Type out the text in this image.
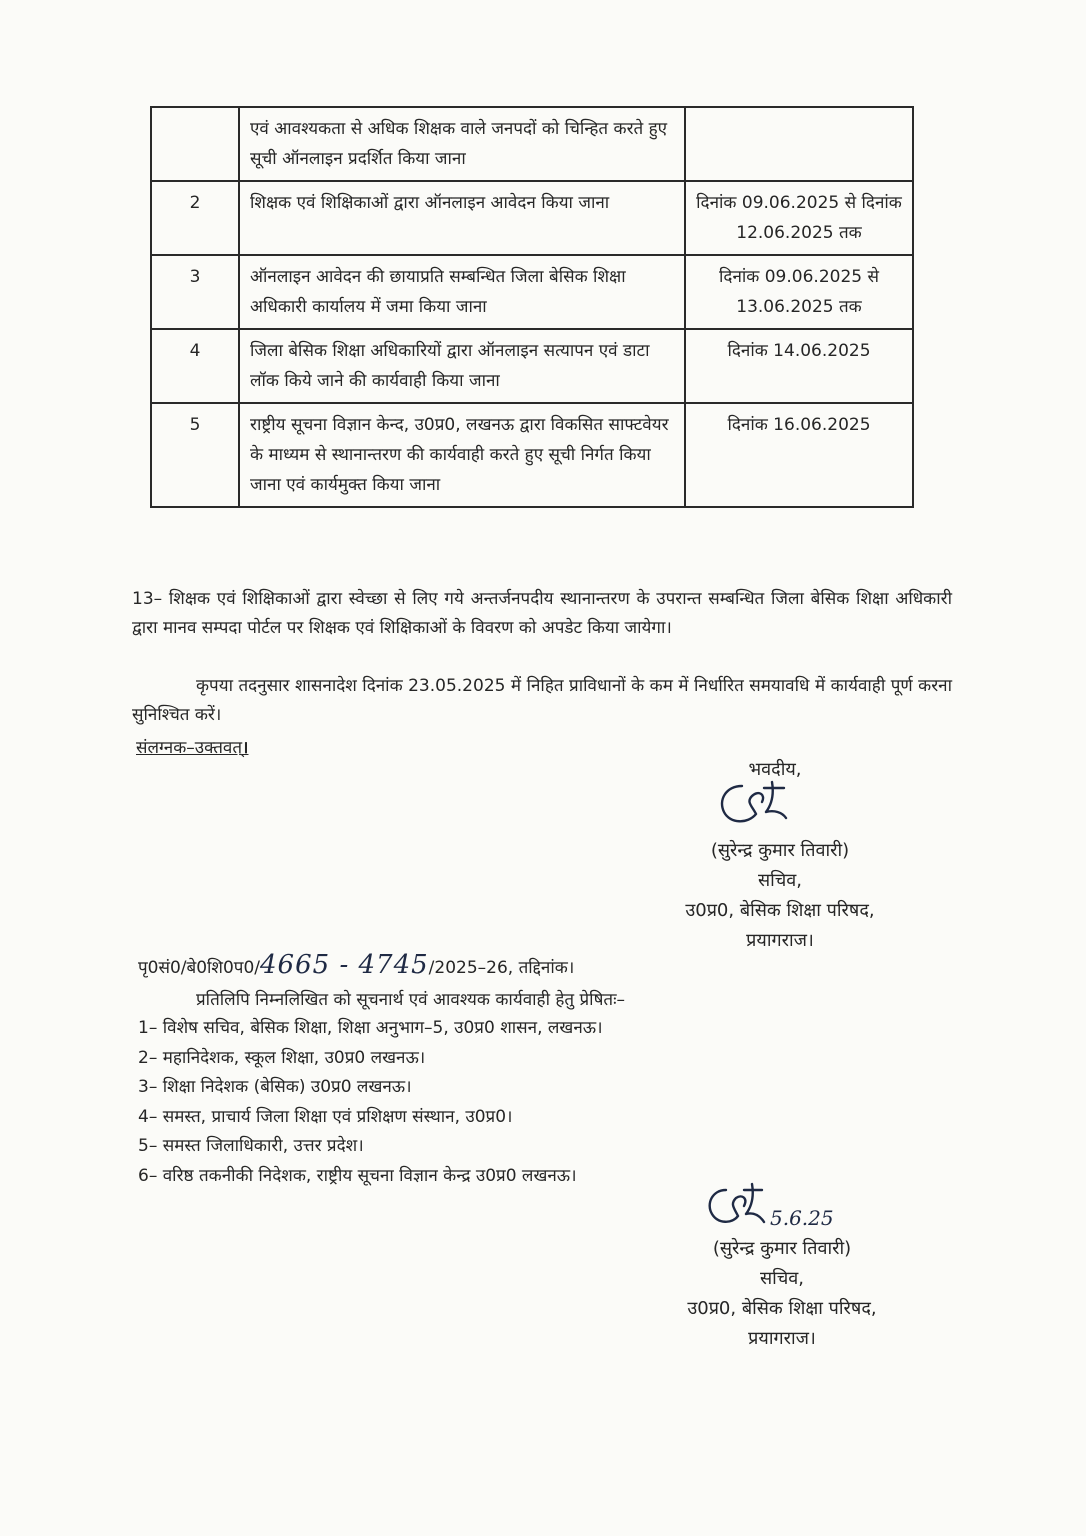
	एवं आवश्यकता से अधिक शिक्षक वाले जनपदों को चिन्हित करते हुए सूची ऑनलाइन प्रदर्शित किया जाना	
2	शिक्षक एवं शिक्षिकाओं द्वारा ऑनलाइन आवेदन किया जाना	दिनांक 09.06.2025 से दिनांक 12.06.2025 तक
3	ऑनलाइन आवेदन की छायाप्रति सम्बन्धित जिला बेसिक शिक्षा अधिकारी कार्यालय में जमा किया जाना	दिनांक 09.06.2025 से 13.06.2025 तक
4	जिला बेसिक शिक्षा अधिकारियों द्वारा ऑनलाइन सत्यापन एवं डाटा लॉक किये जाने की कार्यवाही किया जाना	दिनांक 14.06.2025
5	राष्ट्रीय सूचना विज्ञान केन्द, उ0प्र0, लखनऊ द्वारा विकसित साफ्टवेयर के माध्यम से स्थानान्तरण की कार्यवाही करते हुए सूची निर्गत किया जाना एवं कार्यमुक्त किया जाना	दिनांक 16.06.2025
13– शिक्षक एवं शिक्षिकाओं द्वारा स्वेच्छा से लिए गये अन्तर्जनपदीय स्थानान्तरण के उपरान्त सम्बन्धित जिला बेसिक शिक्षा अधिकारी द्वारा मानव सम्पदा पोर्टल पर शिक्षक एवं शिक्षिकाओं के विवरण को अपडेट किया जायेगा।
कृपया तदनुसार शासनादेश दिनांक 23.05.2025 में निहित प्राविधानों के कम में निर्धारित समयावधि में कार्यवाही पूर्ण करना सुनिश्चित करें।
संलग्नक–उक्तवत्।
भवदीय,
(सुरेन्द्र कुमार तिवारी)
सचिव,
उ0प्र0, बेसिक शिक्षा परिषद,
प्रयागराज।
पृ0सं0/बे0शि0प0/4665 - 4745/2025–26, तद्दिनांक।
प्रतिलिपि निम्नलिखित को सूचनार्थ एवं आवश्यक कार्यवाही हेतु प्रेषितः–
1– विशेष सचिव, बेसिक शिक्षा, शिक्षा अनुभाग–5, उ0प्र0 शासन, लखनऊ।
2– महानिदेशक, स्कूल शिक्षा, उ0प्र0 लखनऊ।
3– शिक्षा निदेशक (बेसिक) उ0प्र0 लखनऊ।
4– समस्त, प्राचार्य जिला शिक्षा एवं प्रशिक्षण संस्थान, उ0प्र0।
5– समस्त जिलाधिकारी, उत्तर प्रदेश।
6– वरिष्ठ तकनीकी निदेशक, राष्ट्रीय सूचना विज्ञान केन्द्र उ0प्र0 लखनऊ।
5.6.25
(सुरेन्द्र कुमार तिवारी)
सचिव,
उ0प्र0, बेसिक शिक्षा परिषद,
प्रयागराज।
